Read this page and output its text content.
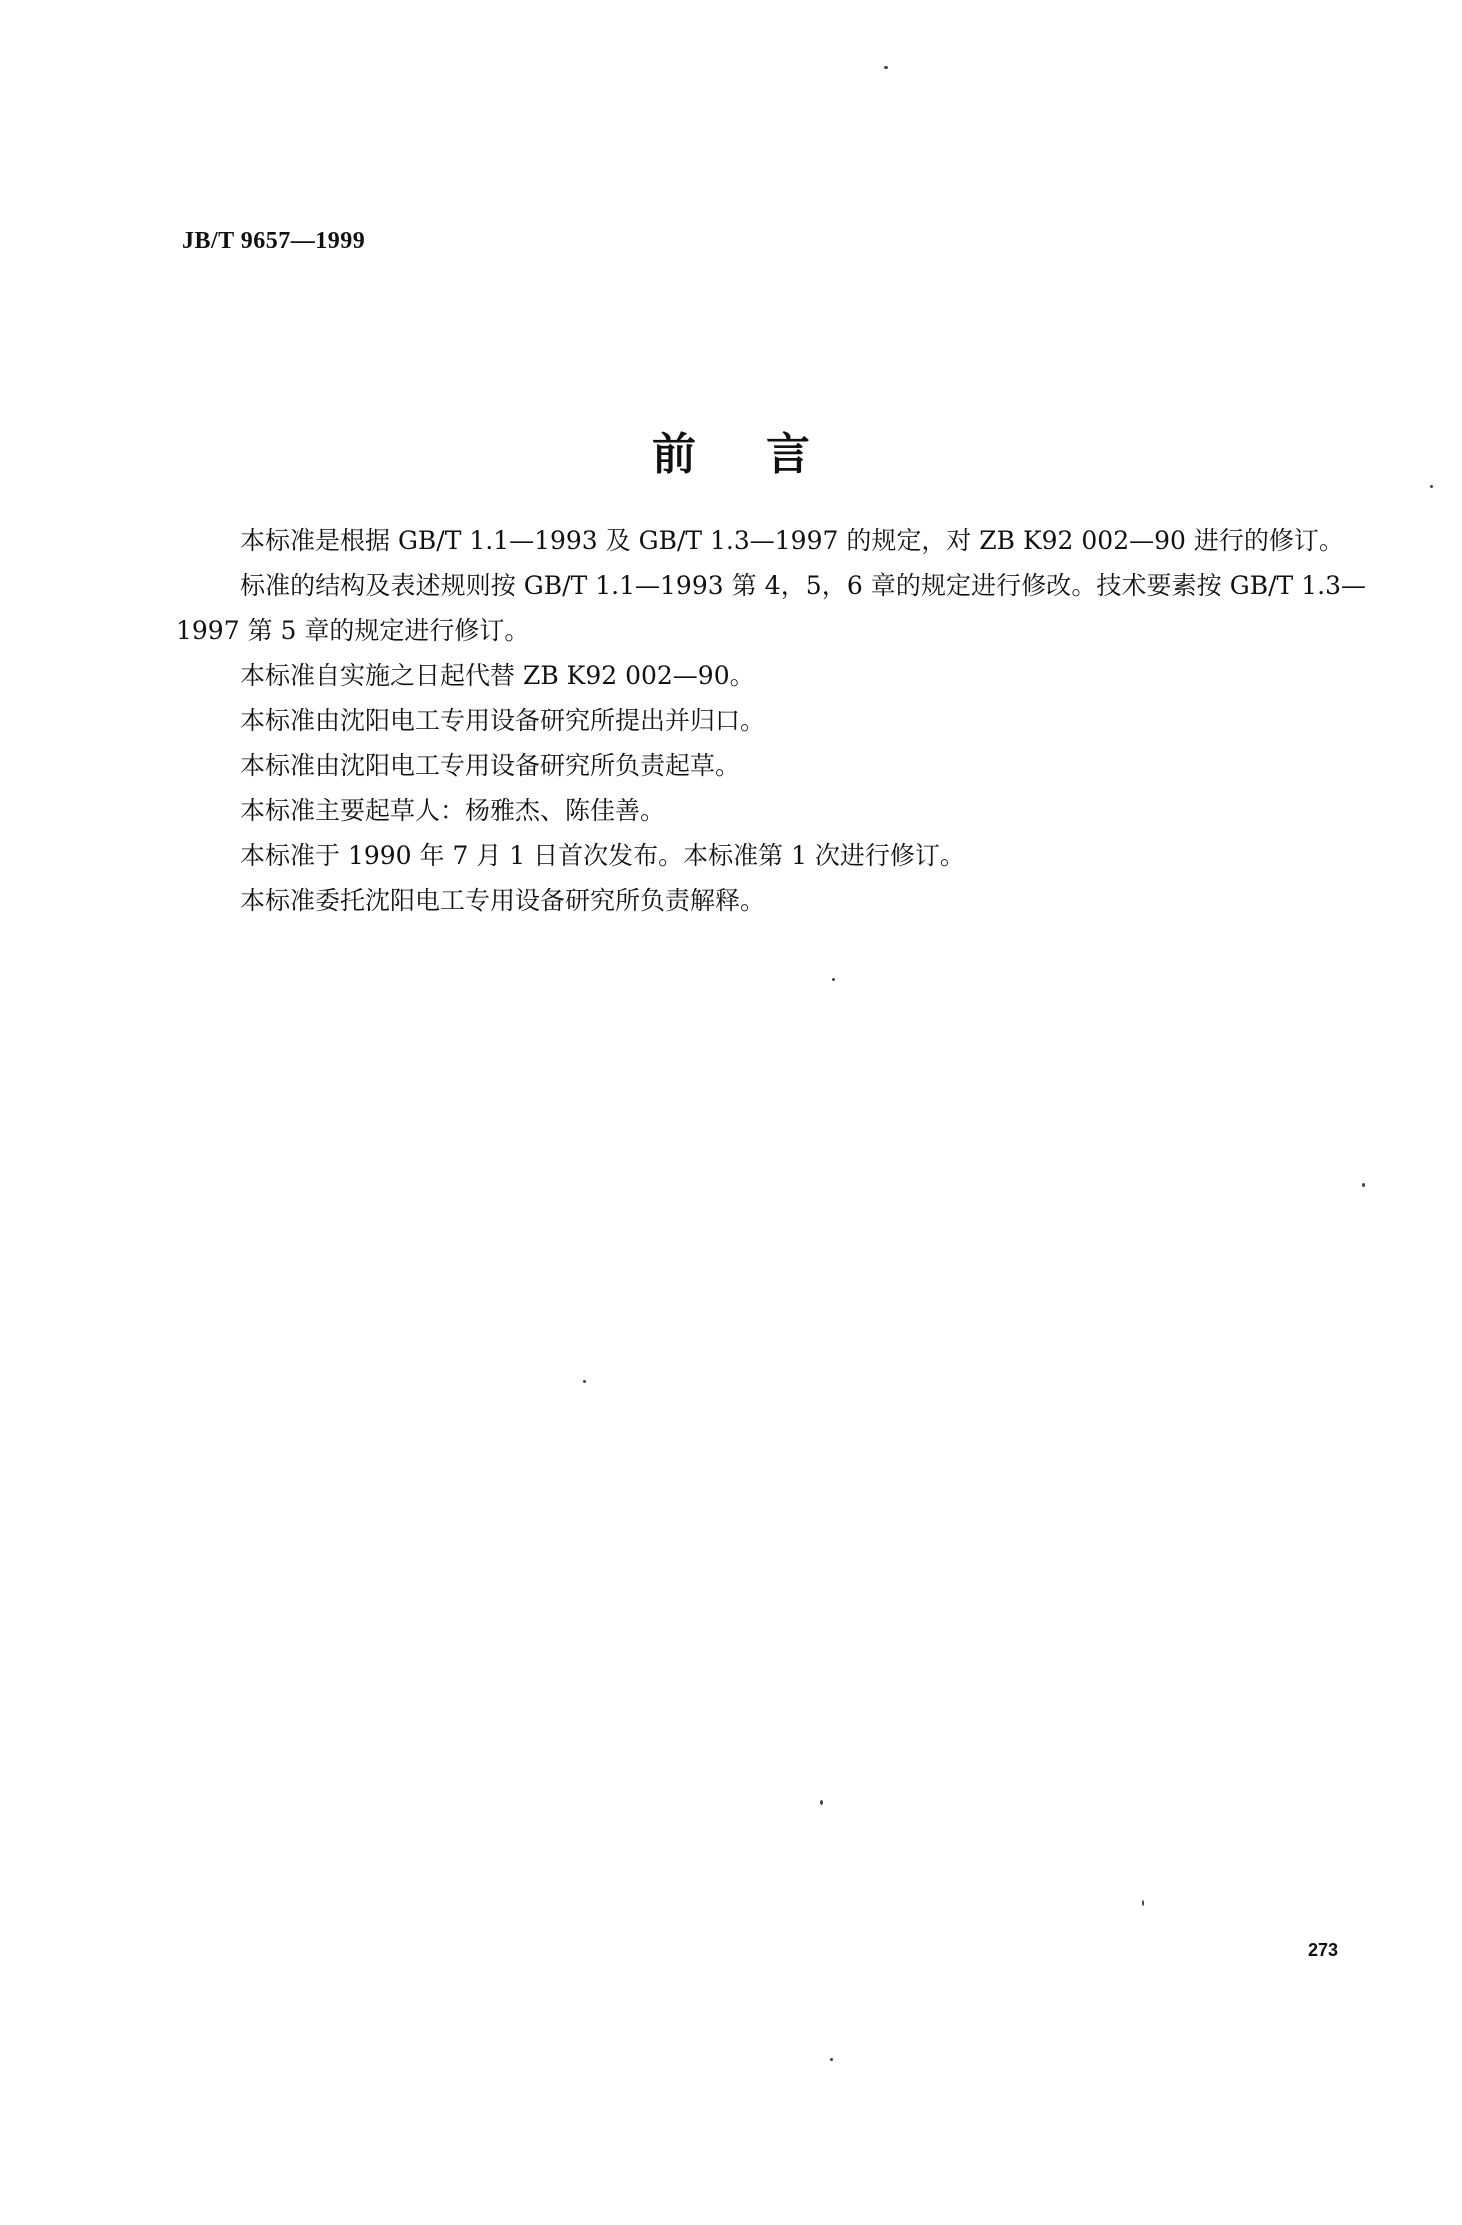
JB/T 9657—1999
前言

本标准是根据 GB/T 1.1—1993 及 GB/T 1.3—1997 的规定，对 ZB K92 002—90 进行的修订。

标准的结构及表述规则按 GB/T 1.1—1993 第 4，5，6 章的规定进行修改。技术要素按 GB/T 1.3—1997 第 5 章的规定进行修订。

本标准自实施之日起代替 ZB K92 002—90。

本标准由沈阳电工专用设备研究所提出并归口。

本标准由沈阳电工专用设备研究所负责起草。

本标准主要起草人：杨雅杰、陈佳善。

本标准于 1990 年 7 月 1 日首次发布。本标准第 1 次进行修订。

本标准委托沈阳电工专用设备研究所负责解释。

273
